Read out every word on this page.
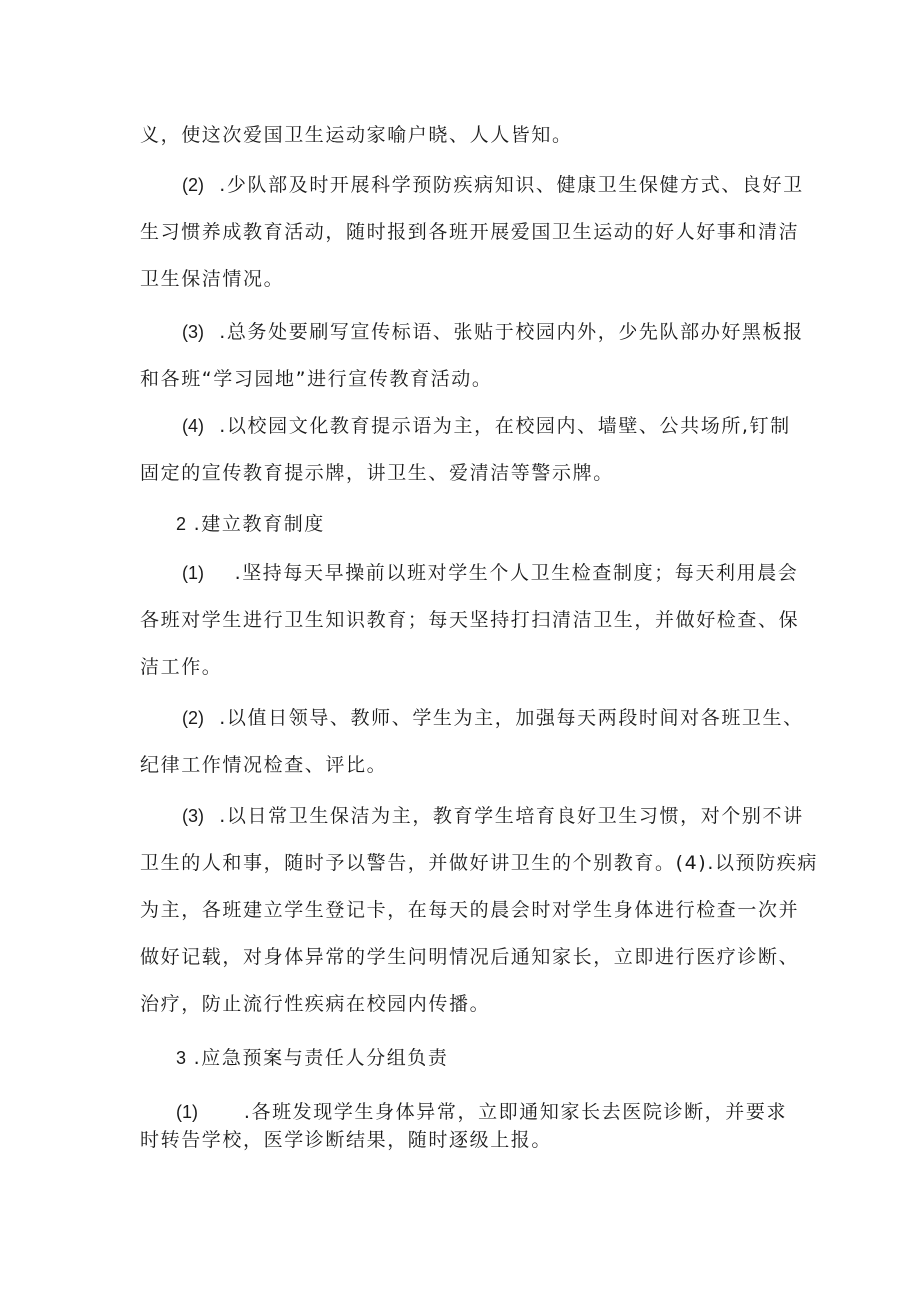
义，使这次爱国卫生运动家喻户晓、人人皆知。
(2) .少队部及时开展科学预防疾病知识、健康卫生保健方式、良好卫
生习惯养成教育活动，随时报到各班开展爱国卫生运动的好人好事和清洁
卫生保洁情况。
(3) .总务处要刷写宣传标语、张贴于校园内外，少先队部办好黑板报
和各班“学习园地”进行宣传教育活动。
(4) .以校园文化教育提示语为主，在校园内、墙壁、公共场所,钉制
固定的宣传教育提示牌，讲卫生、爱清洁等警示牌。
2 .建立教育制度
(1) .坚持每天早操前以班对学生个人卫生检查制度；每天利用晨会
各班对学生进行卫生知识教育；每天坚持打扫清洁卫生，并做好检查、保
洁工作。
(2) .以值日领导、教师、学生为主，加强每天两段时间对各班卫生、
纪律工作情况检查、评比。
(3) .以日常卫生保洁为主，教育学生培育良好卫生习惯，对个别不讲
卫生的人和事，随时予以警告，并做好讲卫生的个别教育。(4).以预防疾病
为主，各班建立学生登记卡，在每天的晨会时对学生身体进行检查一次并
做好记载，对身体异常的学生问明情况后通知家长，立即进行医疗诊断、
治疗，防止流行性疾病在校园内传播。
3 .应急预案与责任人分组负责
(1) .各班发现学生身体异常，立即通知家长去医院诊断，并要求
时转告学校，医学诊断结果，随时逐级上报。
